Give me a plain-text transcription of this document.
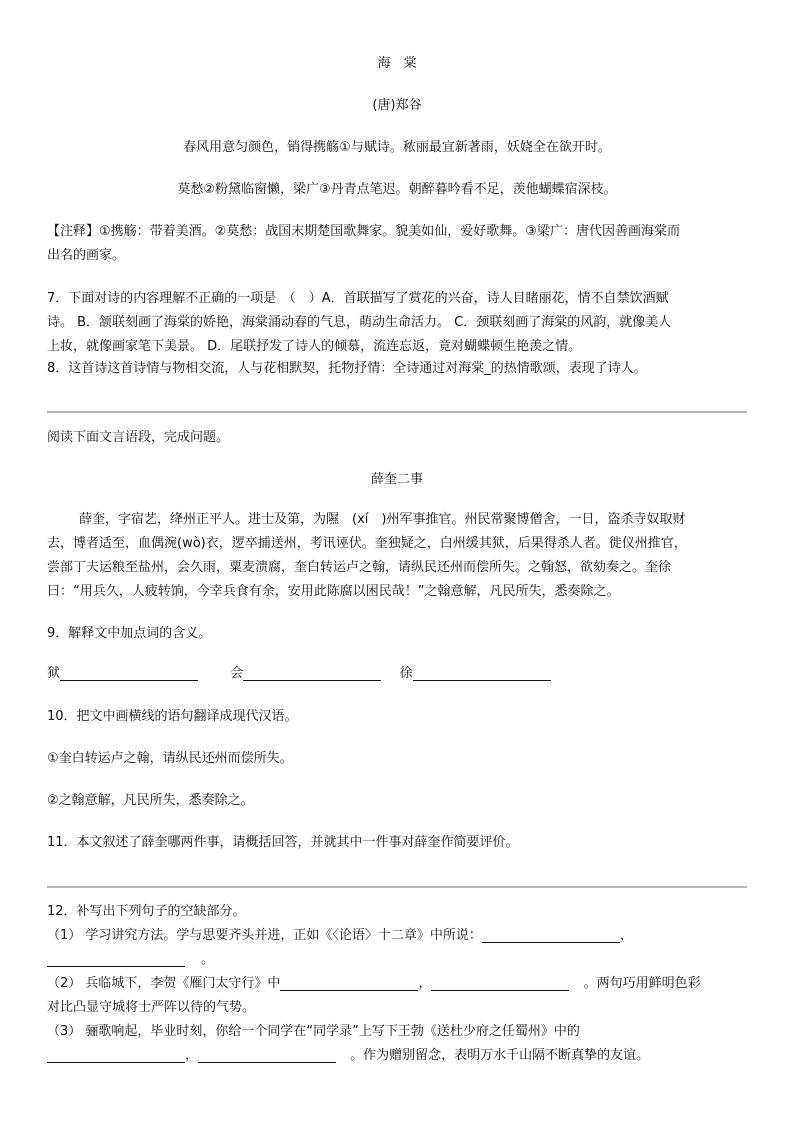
海　棠
(唐)郑谷
春风用意匀颜色，销得携觞①与赋诗。秾丽最宜新著雨，妖娆全在欲开时。
莫愁②粉黛临窗懒，梁广③丹青点笔迟。朝醉暮吟看不足，羡他蝴蝶宿深枝。
【注释】①携觞：带着美酒。②莫愁：战国末期楚国歌舞家。貌美如仙，爱好歌舞。③梁广：唐代因善画海棠而
出名的画家。
7．下面对诗的内容理解不正确的一项是　（　）A．首联描写了赏花的兴奋，诗人目睹丽花，情不自禁饮酒赋
诗。 B．颔联刻画了海棠的娇艳，海棠涌动春的气息，萌动生命活力。 C．颈联刻画了海棠的风韵，就像美人
上妆，就像画家笔下美景。 D．尾联抒发了诗人的倾慕，流连忘返，竟对蝴蝶顿生艳羡之情。
8．这首诗这首诗情与物相交流，人与花相默契，托物抒情：全诗通过对海棠_的热情歌颂，表现了诗人。
阅读下面文言语段，完成问题。
薛奎二事
薛奎，字宿艺，绛州正平人。进士及第，为隰　(xí　)州军事推官。州民常聚博僧舍，一日，盗杀寺奴取财
去，博者适至，血偶涴(wò)衣，逻卒捕送州，考讯诬伏。奎独疑之，白州缓其狱，后果得杀人者。徙仪州推官，
尝部丁夫运粮至盐州，会久雨，粟麦溃腐，奎白转运卢之翰，请纵民还州而偿所失。之翰怒，欲劾奏之。奎徐
曰：“用兵久，人疲转饷，今幸兵食有余，安用此陈腐以困民哉！”之翰意解，凡民所失，悉奏除之。
9．解释文中加点词的含义。
狱	会	徐
10．把文中画横线的语句翻译成现代汉语。
①奎白转运卢之翰，请纵民还州而偿所失。
②之翰意解，凡民所失，悉奏除之。
11．本文叙述了薛奎哪两件事，请概括回答，并就其中一件事对薛奎作简要评价。
12．补写出下列句子的空缺部分。
（1） 学习讲究方法。学与思要齐头并进，正如《〈论语〉十二章》中所说：	，
。
（2） 兵临城下，李贺《雁门太守行》中	，	。两句巧用鲜明色彩
对比凸显守城将士严阵以待的气势。
（3） 骊歌响起，毕业时刻，你给一个同学在“同学录”上写下王勃《送杜少府之任蜀州》中的
，	。作为赠别留念，表明万水千山隔不断真挚的友谊。
